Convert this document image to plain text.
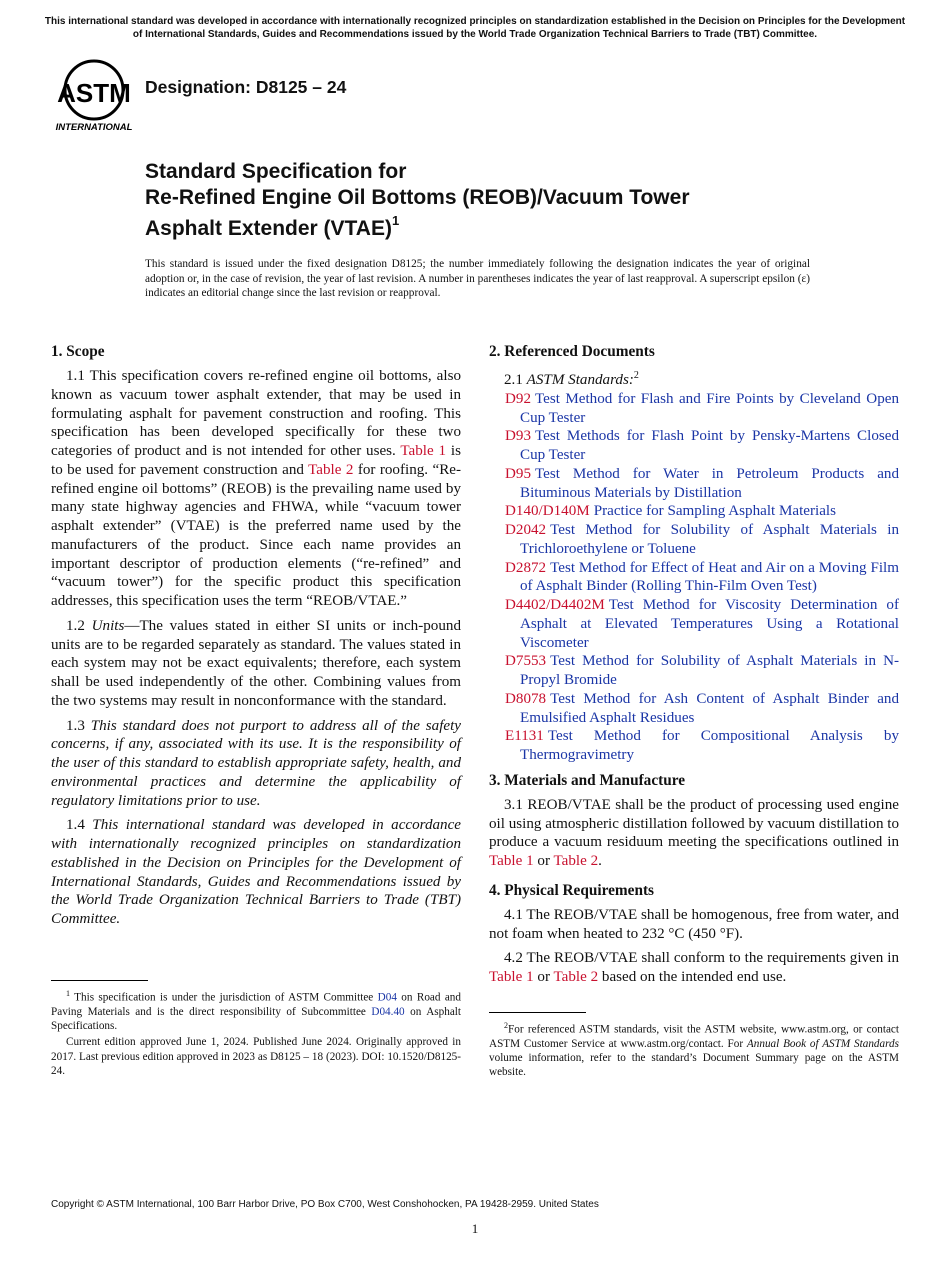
This international standard was developed in accordance with internationally recognized principles on standardization established in the Decision on Principles for the Development of International Standards, Guides and Recommendations issued by the World Trade Organization Technical Barriers to Trade (TBT) Committee.
ASTM
INTERNATIONAL
Designation: D8125 – 24
Standard Specification for
Re-Refined Engine Oil Bottoms (REOB)/Vacuum Tower
Asphalt Extender (VTAE)$^1$
This standard is issued under the fixed designation D8125; the number immediately following the designation indicates the year of original adoption or, in the case of revision, the year of last revision. A number in parentheses indicates the year of last reapproval. A superscript epsilon (ε) indicates an editorial change since the last revision or reapproval.
1. Scope

1.1 This specification covers re-refined engine oil bottoms, also known as vacuum tower asphalt extender, that may be used in formulating asphalt for pavement construction and roofing. This specification has been developed specifically for these two categories of product and is not intended for other uses. Table 1 is to be used for pavement construction and Table 2 for roofing. “Re-refined engine oil bottoms” (REOB) is the prevailing name used by many state highway agencies and FHWA, while “vacuum tower asphalt extender” (VTAE) is the preferred name used by the manufacturers of the product. Since each name provides an important descriptor of production elements (“re-refined” and “vacuum tower”) for the specific product this specification addresses, this specification uses the term “REOB/VTAE.”

1.2 Units—The values stated in either SI units or inch-pound units are to be regarded separately as standard. The values stated in each system may not be exact equivalents; therefore, each system shall be used independently of the other. Combining values from the two systems may result in nonconformance with the standard.

1.3 This standard does not purport to address all of the safety concerns, if any, associated with its use. It is the responsibility of the user of this standard to establish appropriate safety, health, and environmental practices and determine the applicability of regulatory limitations prior to use.

1.4 This international standard was developed in accordance with internationally recognized principles on standardization established in the Decision on Principles for the Development of International Standards, Guides and Recommendations issued by the World Trade Organization Technical Barriers to Trade (TBT) Committee.

2. Referenced Documents
2.1 ASTM Standards:$^2$
D92 Test Method for Flash and Fire Points by Cleveland Open Cup Tester
D93 Test Methods for Flash Point by Pensky-Martens Closed Cup Tester
D95 Test Method for Water in Petroleum Products and Bituminous Materials by Distillation
D140/D140M Practice for Sampling Asphalt Materials
D2042 Test Method for Solubility of Asphalt Materials in Trichloroethylene or Toluene
D2872 Test Method for Effect of Heat and Air on a Moving Film of Asphalt Binder (Rolling Thin-Film Oven Test)
D4402/D4402M Test Method for Viscosity Determination of Asphalt at Elevated Temperatures Using a Rotational Viscometer
D7553 Test Method for Solubility of Asphalt Materials in N-Propyl Bromide
D8078 Test Method for Ash Content of Asphalt Binder and Emulsified Asphalt Residues
E1131 Test Method for Compositional Analysis by Thermogravimetry
3. Materials and Manufacture

3.1 REOB/VTAE shall be the product of processing used engine oil using atmospheric distillation followed by vacuum distillation to produce a vacuum residuum meeting the specifications outlined in Table 1 or Table 2.

4. Physical Requirements

4.1 The REOB/VTAE shall be homogenous, free from water, and not foam when heated to 232 °C (450 °F).

4.2 The REOB/VTAE shall conform to the requirements given in Table 1 or Table 2 based on the intended end use.

$^1$ This specification is under the jurisdiction of ASTM Committee D04 on Road and Paving Materials and is the direct responsibility of Subcommittee D04.40 on Asphalt Specifications.

Current edition approved June 1, 2024. Published June 2024. Originally approved in 2017. Last previous edition approved in 2023 as D8125 – 18 (2023). DOI: 10.1520/D8125-24.

$^2$For referenced ASTM standards, visit the ASTM website, www.astm.org, or contact ASTM Customer Service at www.astm.org/contact. For Annual Book of ASTM Standards volume information, refer to the standard’s Document Summary page on the ASTM website.

Copyright © ASTM International, 100 Barr Harbor Drive, PO Box C700, West Conshohocken, PA 19428-2959. United States
1
